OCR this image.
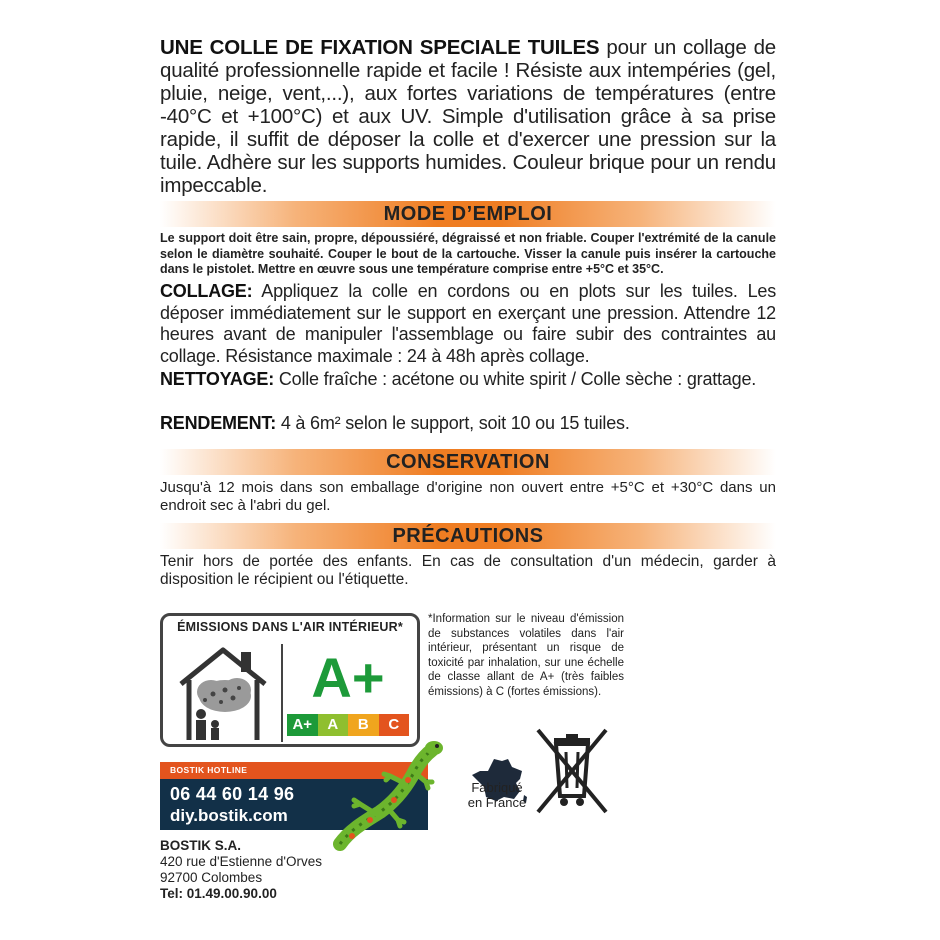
UNE COLLE DE FIXATION SPECIALE TUILES pour un collage de qualité professionnelle rapide et facile ! Résiste aux intempéries (gel, pluie, neige, vent,...), aux fortes variations de températures (entre -40°C et +100°C) et aux UV. Simple d'utilisation grâce à sa prise rapide, il suffit de déposer la colle et d'exercer une pression sur la tuile. Adhère sur les supports humides. Couleur brique pour un rendu impeccable.
MODE D’EMPLOI
Le support doit être sain, propre, dépoussiéré, dégraissé et non friable. Couper l'extrémité de la canule selon le diamètre souhaité. Couper le bout de la cartouche. Visser la canule puis insérer la cartouche dans le pistolet. Mettre en œuvre sous une température comprise entre +5°C et 35°C.
COLLAGE: Appliquez la colle en cordons ou en plots sur les tuiles. Les déposer immédiatement sur le support en exerçant une pression. Attendre 12 heures avant de manipuler l'assemblage ou faire subir des contraintes au collage. Résistance maximale : 24 à 48h après collage.
NETTOYAGE: Colle fraîche : acétone ou white spirit / Colle sèche : grattage.
RENDEMENT: 4 à 6m² selon le support, soit 10 ou 15 tuiles.
CONSERVATION
Jusqu'à 12 mois dans son emballage d'origine non ouvert entre +5°C et +30°C dans un endroit sec à l'abri du gel.
PRÉCAUTIONS
Tenir hors de portée des enfants. En cas de consultation d'un médecin, garder à disposition le récipient ou l'étiquette.
ÉMISSIONS DANS L'AIR INTÉRIEUR*
A+
A+	A	B	C
*Information sur le niveau d'émission de substances volatiles dans l'air intérieur, présentant un risque de toxicité par inhalation, sur une échelle de classe allant de A+ (très faibles émissions) à C (fortes émissions).
BOSTIK HOTLINE
06 44 60 14 96
diy.bostik.com
BOSTIK S.A.
420 rue d'Estienne d'Orves
92700 Colombes
Tel: 01.49.00.90.00
Fabriqué
en France
